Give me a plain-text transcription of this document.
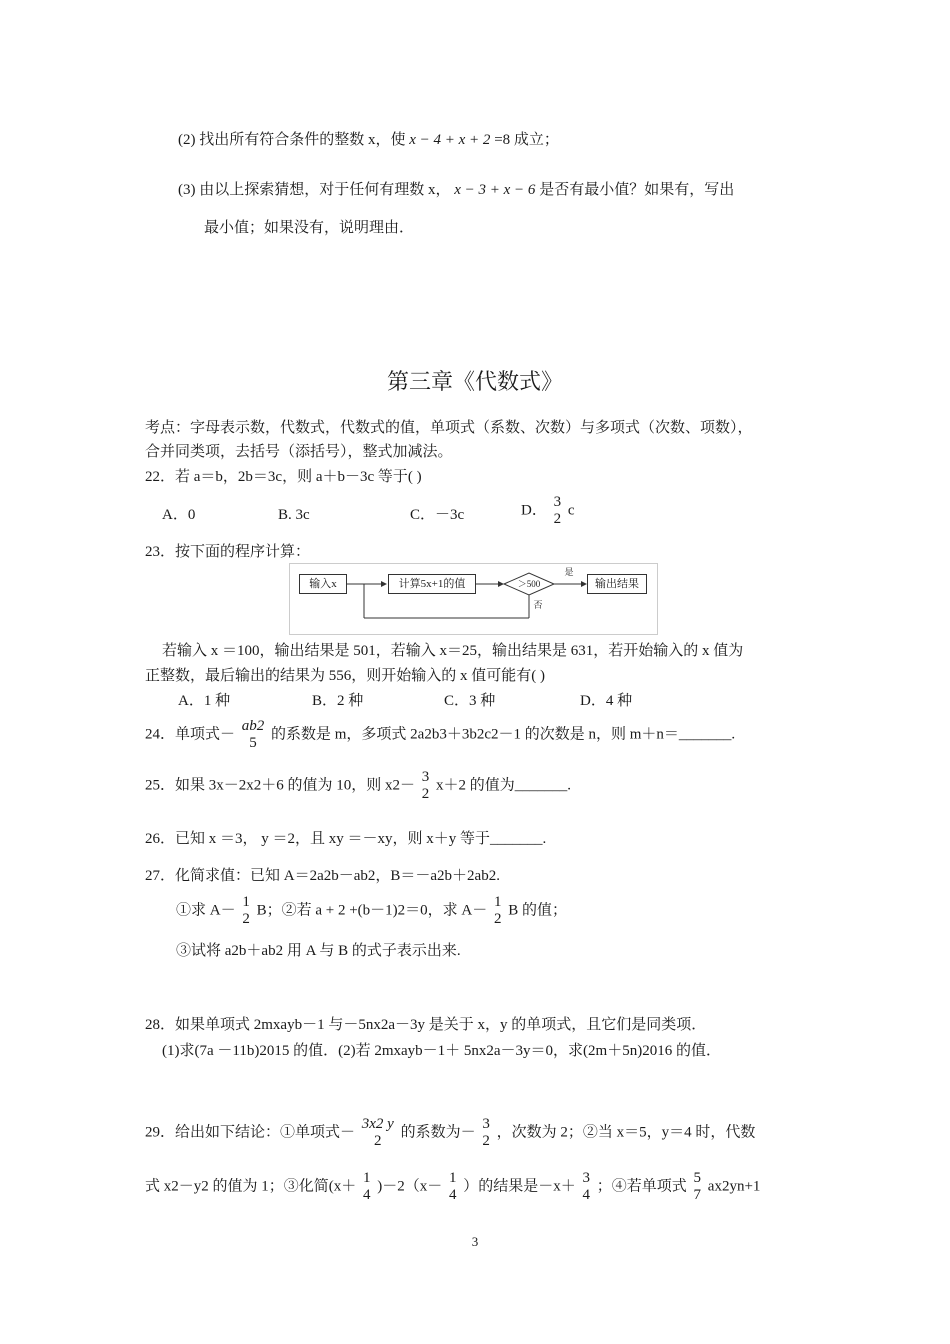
(2) 找出所有符合条件的整数 x，使 x − 4 + x + 2 =8 成立；
(3) 由以上探索猜想，对于任何有理数 x， x − 3 + x − 6 是否有最小值？如果有，写出
最小值；如果没有，说明理由．
第三章《代数式》
考点：字母表示数，代数式，代数式的值，单项式（系数、次数）与多项式（次数、项数），
合并同类项，去括号（添括号），整式加减法。
22．若 a＝b，2b＝3c，则 a＋b－3c 等于( )
A．0	B. 3c	C．－3c	D．
3
2
c
23．按下面的程序计算：
输入x	计算5x+1的值	＞500
是
否
输出结果
若输入 x ＝100，输出结果是 501，若输入 x＝25，输出结果是 631，若开始输入的 x 值为
正整数，最后输出的结果为 556，则开始输入的 x 值可能有( )
A．1 种	B．2 种	C．3 种	D．4 种
24．单项式－
ab2
5
的系数是 m，多项式 2a2b3＋3b2c2－1 的次数是 n，则 m＋n＝_______.
25．如果 3x－2x2＋6 的值为 10，则 x2－
3
2
x＋2 的值为_______.
26．已知 x ＝3， y ＝2，且 xy ＝－xy，则 x＋y 等于_______.
27．化简求值：已知 A＝2a2b－ab2，B＝－a2b＋2ab2.
①求 A－
1
2
B；②若 a + 2 +(b－1)2＝0，求 A－
1
2
B 的值；
③试将 a2b＋ab2 用 A 与 B 的式子表示出来.
28．如果单项式 2mxayb－1 与－5nx2a－3y 是关于 x，y 的单项式，且它们是同类项．
(1)求(7a －11b)2015 的值．(2)若 2mxayb－1＋ 5nx2a－3y＝0，求(2m＋5n)2016 的值．
29．给出如下结论：①单项式－
3x2 y
2
的系数为－
3
2
，次数为 2；②当 x＝5，y＝4 时，代数
式 x2－y2 的值为 1；③化简(x＋
1
4
)－2（x－
1
4
）的结果是－x＋
3
4
；④若单项式
5
7
ax2yn+1
3
